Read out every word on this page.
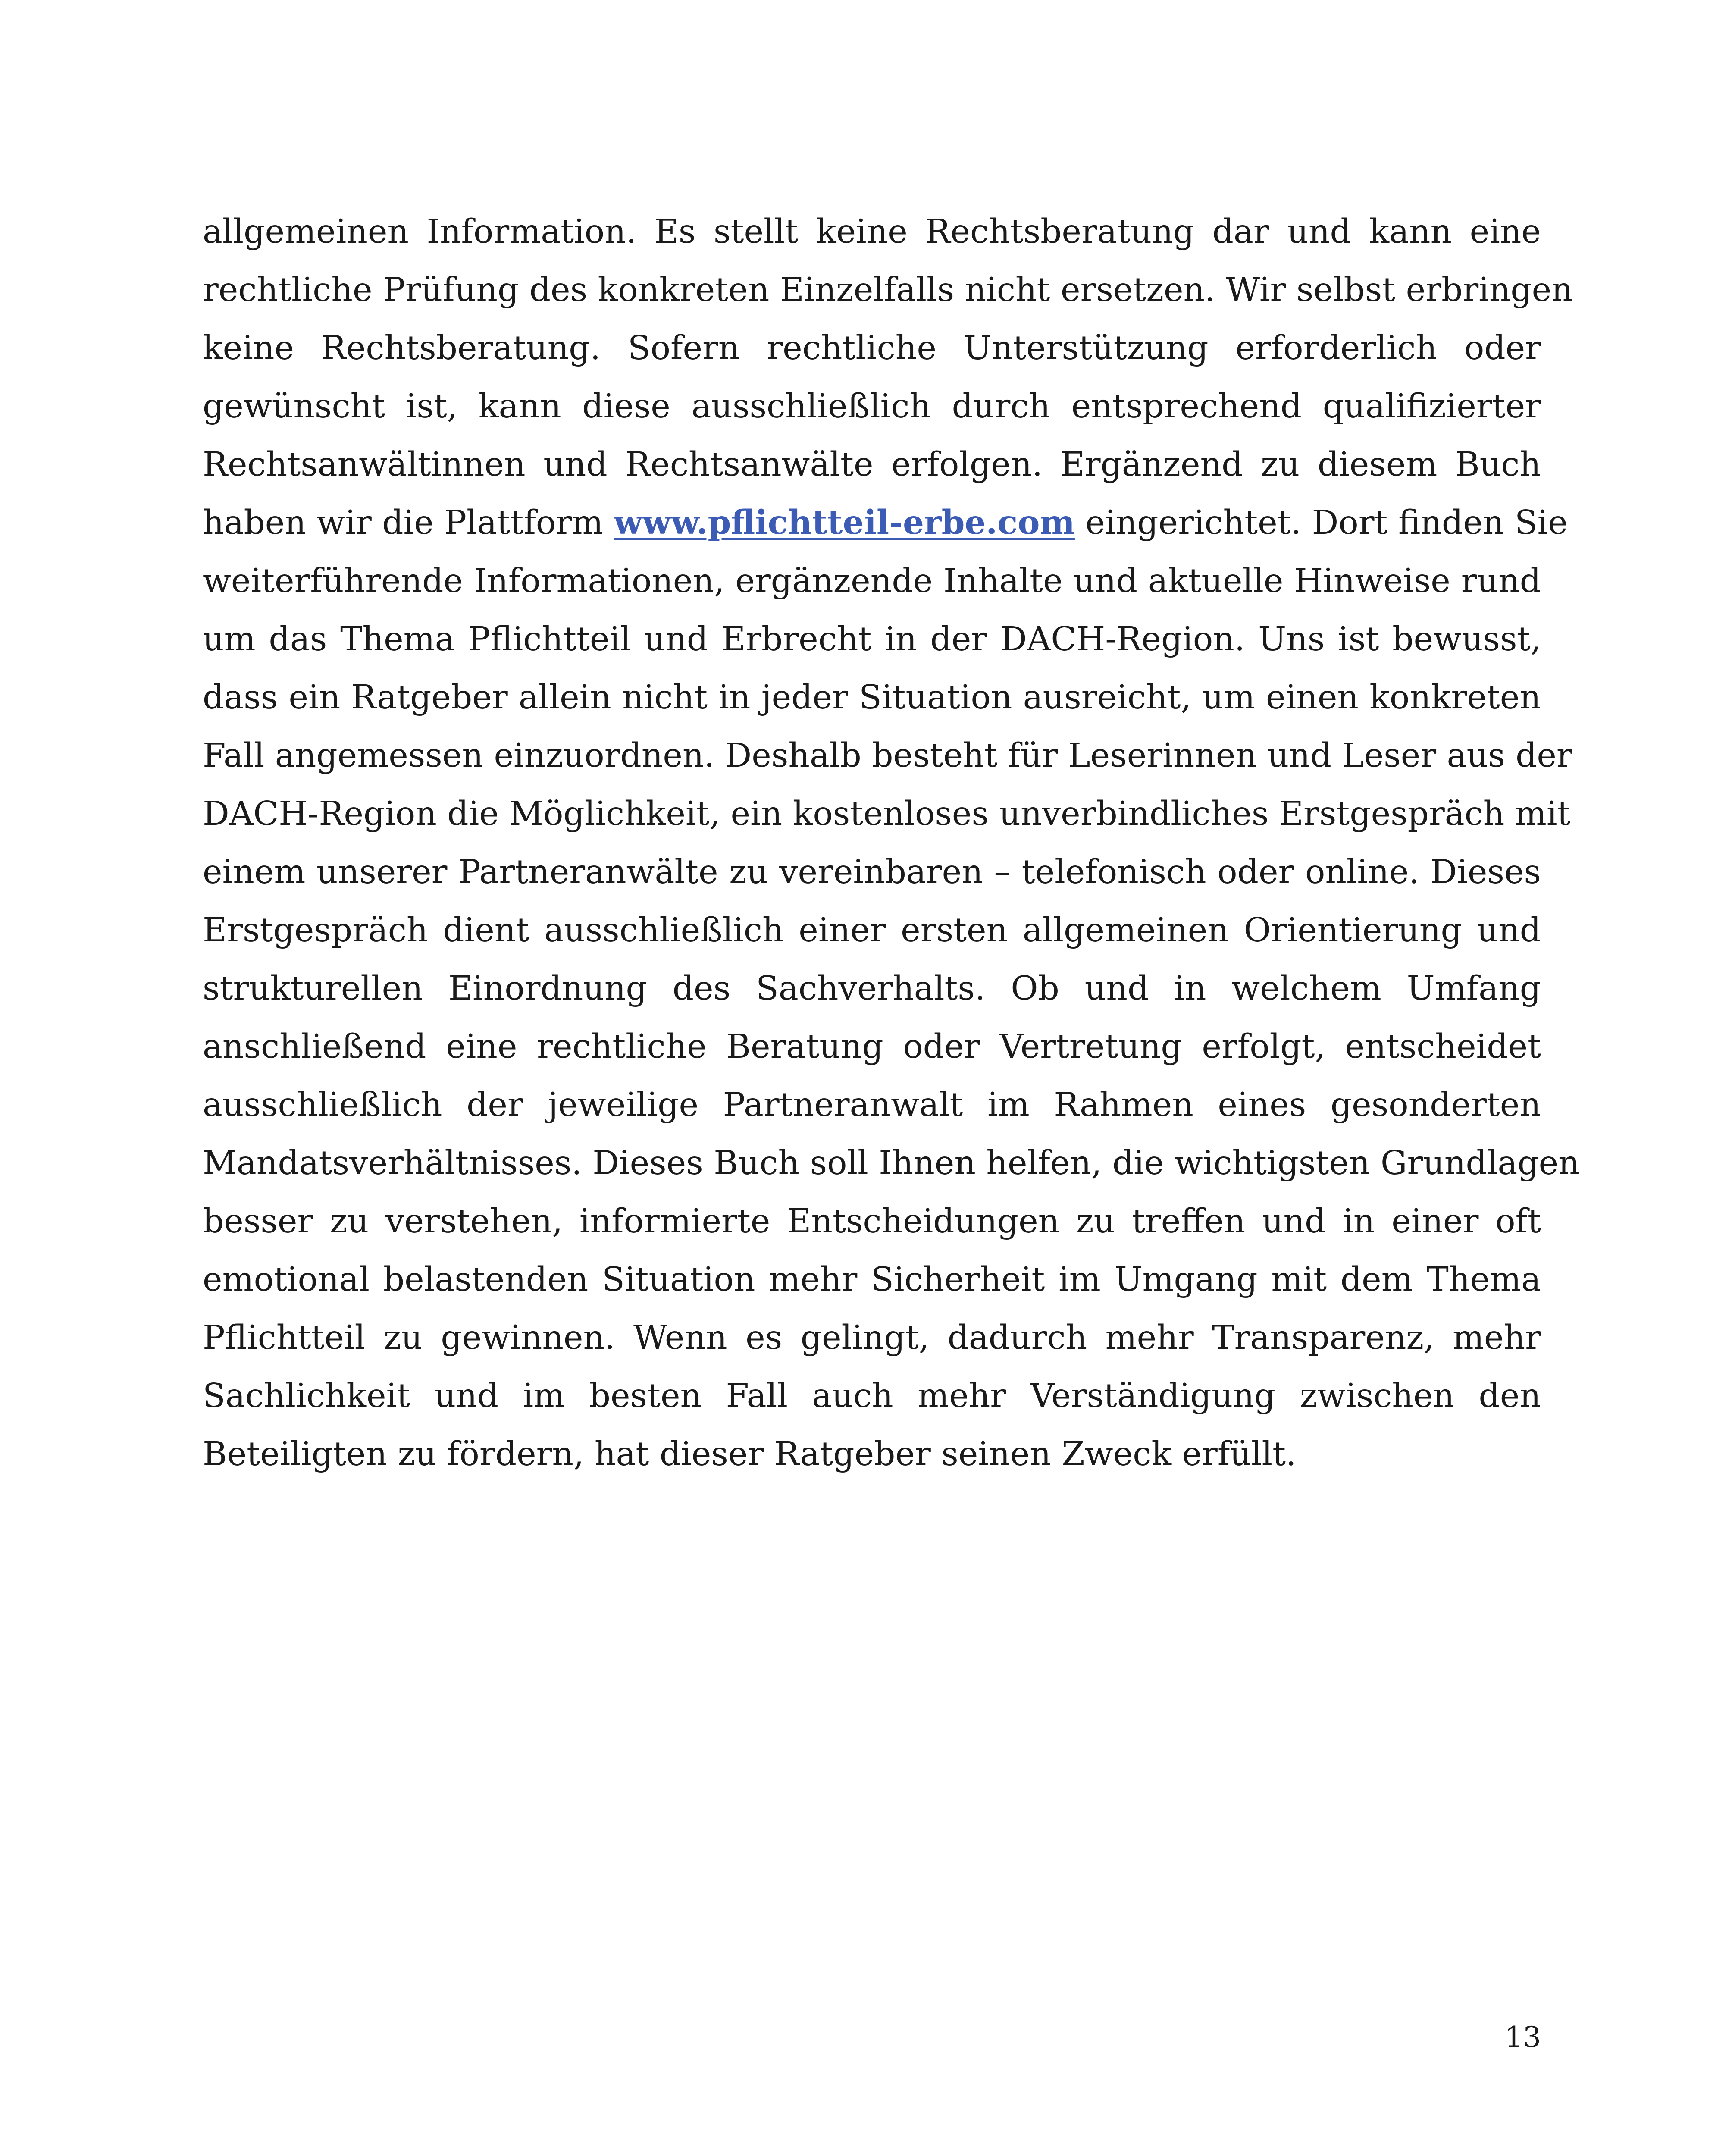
allgemeinen Information. Es stellt keine Rechtsberatung dar und kann eine
rechtliche Prüfung des konkreten Einzelfalls nicht ersetzen. Wir selbst erbringen
keine Rechtsberatung. Sofern rechtliche Unterstützung erforderlich oder
gewünscht ist, kann diese ausschließlich durch entsprechend qualifizierter
Rechtsanwältinnen und Rechtsanwälte erfolgen. Ergänzend zu diesem Buch
haben wir die Plattform www.pflichtteil-erbe.com eingerichtet. Dort finden Sie
weiterführende Informationen, ergänzende Inhalte und aktuelle Hinweise rund
um das Thema Pflichtteil und Erbrecht in der DACH-Region. Uns ist bewusst,
dass ein Ratgeber allein nicht in jeder Situation ausreicht, um einen konkreten
Fall angemessen einzuordnen. Deshalb besteht für Leserinnen und Leser aus der
DACH-Region die Möglichkeit, ein kostenloses unverbindliches Erstgespräch mit
einem unserer Partneranwälte zu vereinbaren – telefonisch oder online. Dieses
Erstgespräch dient ausschließlich einer ersten allgemeinen Orientierung und
strukturellen Einordnung des Sachverhalts. Ob und in welchem Umfang
anschließend eine rechtliche Beratung oder Vertretung erfolgt, entscheidet
ausschließlich der jeweilige Partneranwalt im Rahmen eines gesonderten
Mandatsverhältnisses. Dieses Buch soll Ihnen helfen, die wichtigsten Grundlagen
besser zu verstehen, informierte Entscheidungen zu treffen und in einer oft
emotional belastenden Situation mehr Sicherheit im Umgang mit dem Thema
Pflichtteil zu gewinnen. Wenn es gelingt, dadurch mehr Transparenz, mehr
Sachlichkeit und im besten Fall auch mehr Verständigung zwischen den
Beteiligten zu fördern, hat dieser Ratgeber seinen Zweck erfüllt.
13
